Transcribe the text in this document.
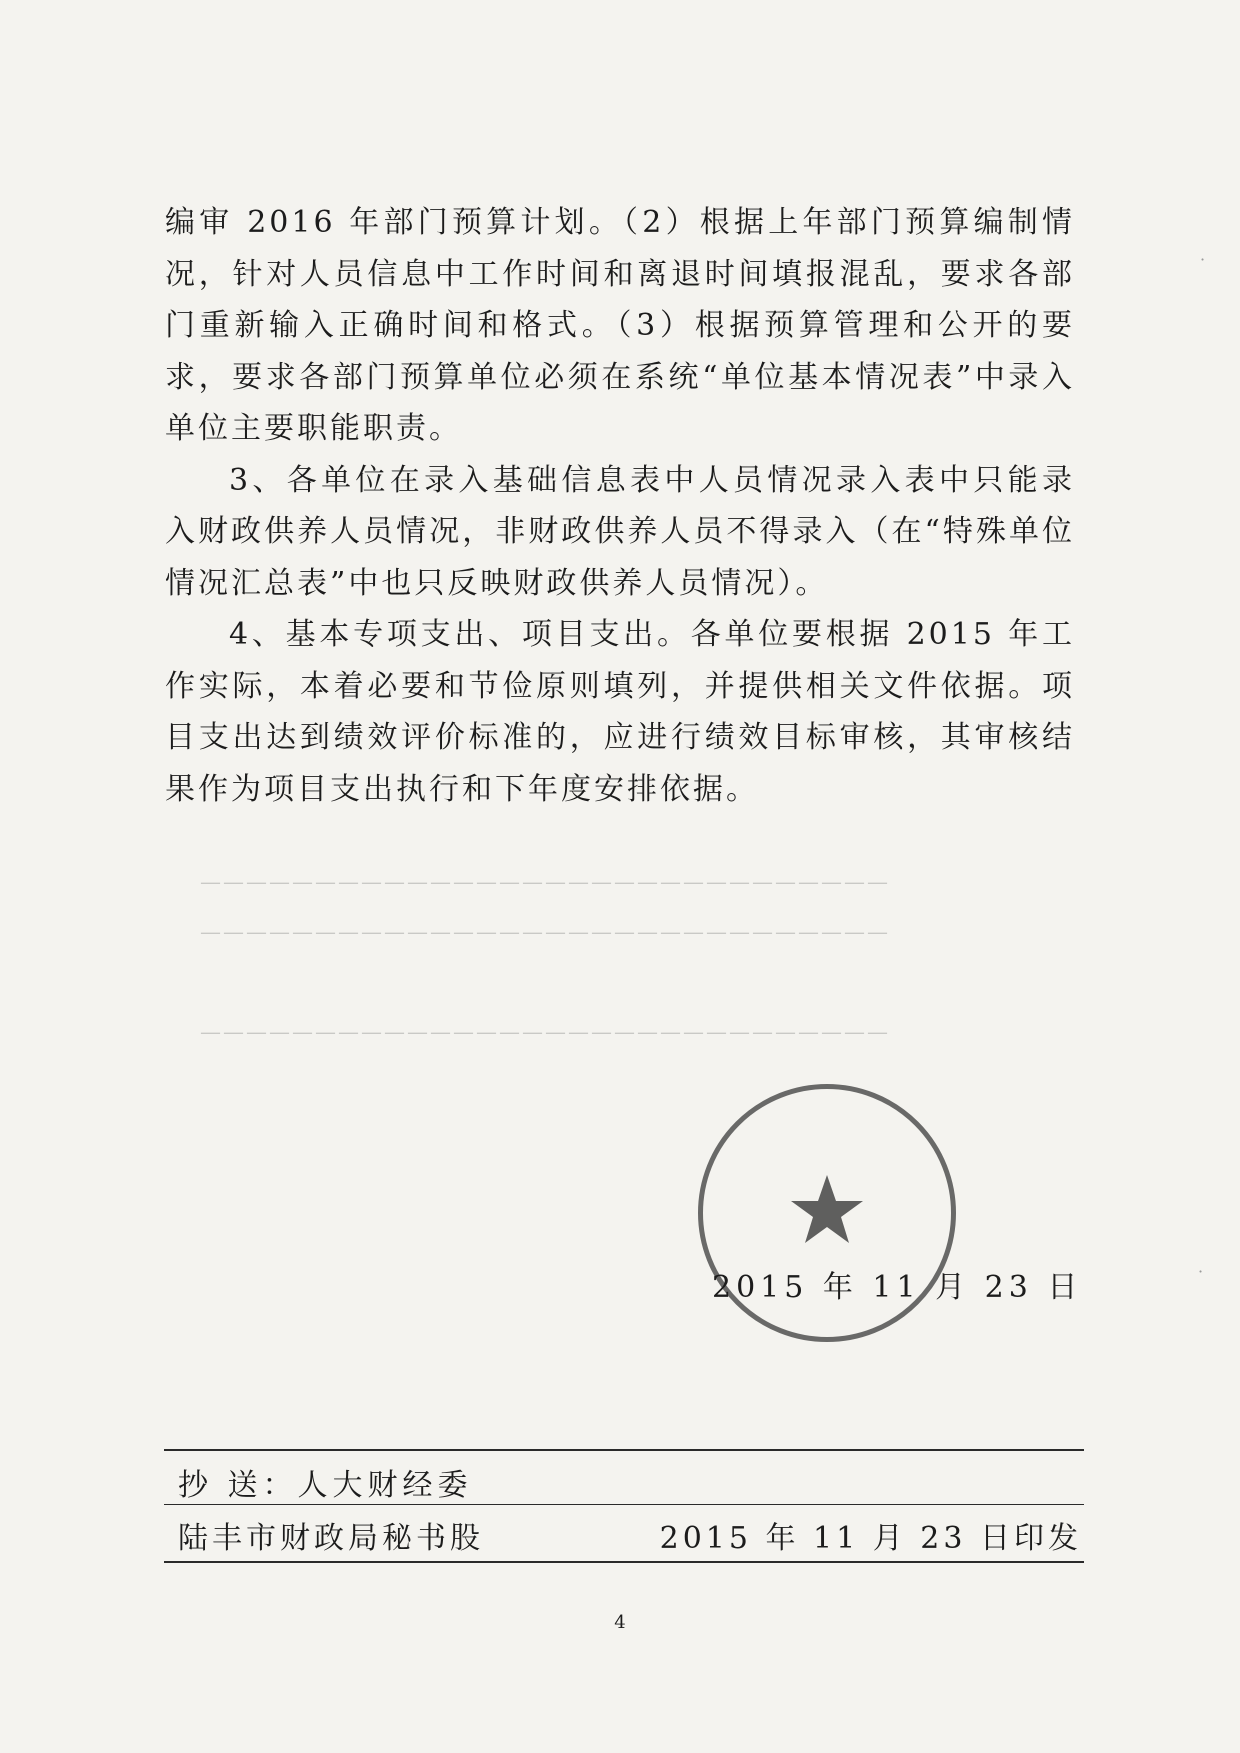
——————————————————————————————
——————————————————————————————
——————————————————————————————

编审 2016 年部门预算计划。（2）根据上年部门预算编制情况，针对人员信息中工作时间和离退时间填报混乱，要求各部门重新输入正确时间和格式。（3）根据预算管理和公开的要求，要求各部门预算单位必须在系统“单位基本情况表”中录入单位主要职能职责。

3、各单位在录入基础信息表中人员情况录入表中只能录入财政供养人员情况，非财政供养人员不得录入（在“特殊单位情况汇总表”中也只反映财政供养人员情况）。

4、基本专项支出、项目支出。各单位要根据 2015 年工作实际，本着必要和节俭原则填列，并提供相关文件依据。项目支出达到绩效评价标准的，应进行绩效目标审核，其审核结果作为项目支出执行和下年度安排依据。

2015 年 11 月 23 日
抄 送：人大财经委
陆丰市财政局秘书股	2015 年 11 月 23 日印发
4
·
·
